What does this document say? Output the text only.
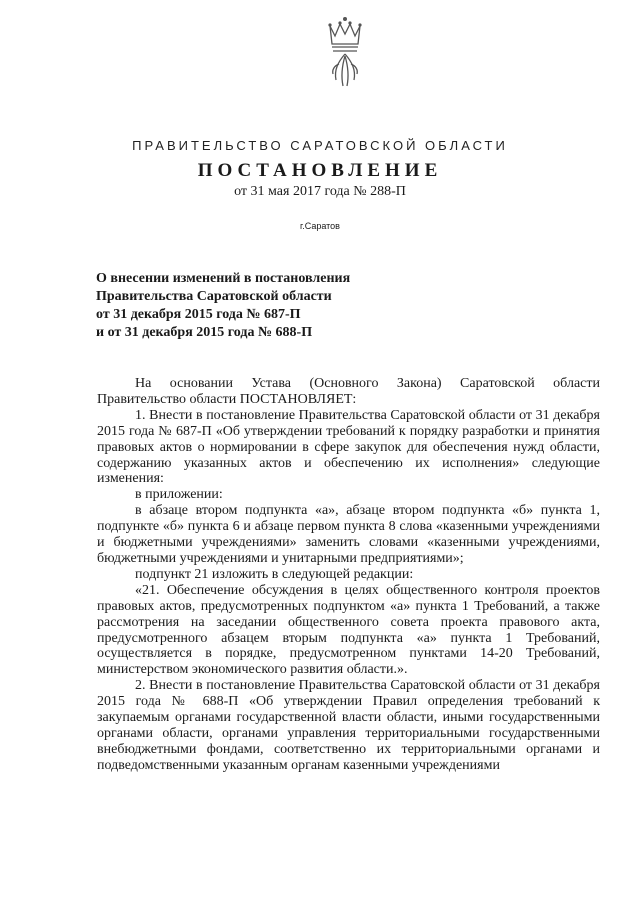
ПРАВИТЕЛЬСТВО САРАТОВСКОЙ ОБЛАСТИ
ПОСТАНОВЛЕНИЕ
от 31 мая 2017 года № 288-П
г.Саратов
О внесении изменений в постановления
Правительства Саратовской области
от 31 декабря 2015 года № 687-П
и от 31 декабря 2015 года № 688-П

На основании Устава (Основного Закона) Саратовской области Правительство области ПОСТАНОВЛЯЕТ:

1. Внести в постановление Правительства Саратовской области от 31 декабря 2015 года № 687-П «Об утверждении требований к порядку разработки и принятия правовых актов о нормировании в сфере закупок для обеспечения нужд области, содержанию указанных актов и обеспечению их исполнения» следующие изменения:

в приложении:

в абзаце втором подпункта «а», абзаце втором подпункта «б» пункта 1, подпункте «б» пункта 6 и абзаце первом пункта 8 слова «казенными учреждениями и бюджетными учреждениями» заменить словами «казенными учреждениями, бюджетными учреждениями и унитарными предприятиями»;

подпункт 21 изложить в следующей редакции:

«21. Обеспечение обсуждения в целях общественного контроля проектов правовых актов, предусмотренных подпунктом «а» пункта 1 Требований, а также рассмотрения на заседании общественного совета проекта правового акта, предусмотренного абзацем вторым подпункта «а» пункта 1 Требований, осуществляется в порядке, предусмотренном пунктами 14-20 Требований, министерством экономического развития области.».

2. Внести в постановление Правительства Саратовской области от 31 декабря 2015 года № 688-П «Об утверждении Правил определения требований к закупаемым органами государственной власти области, иными государственными органами области, органами управления территориальными государственными внебюджетными фондами, соответственно их территориальными органами и подведомственными указанным органам казенными учреждениями
